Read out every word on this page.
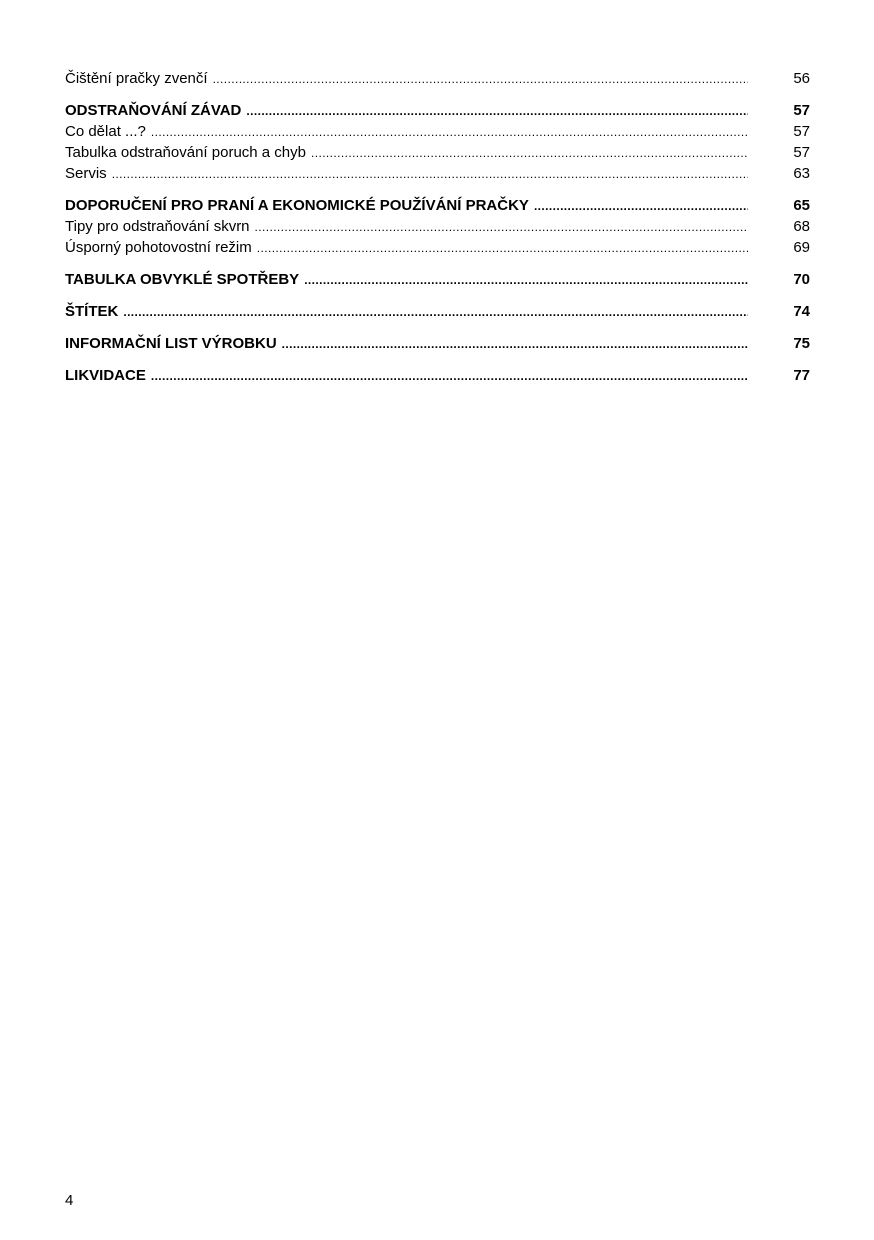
Čištění pračky zvenčí .....	56
ODSTRAŇOVÁNÍ ZÁVAD .....	57
Co dělat ...? .....	57
Tabulka odstraňování poruch a chyb .....	57
Servis .....	63
DOPORUČENÍ PRO PRANÍ A EKONOMICKÉ POUŽÍVÁNÍ PRAČKY .....	65
Tipy pro odstraňování skvrn .....	68
Úsporný pohotovostní režim .....	69
TABULKA OBVYKLÉ SPOTŘEBY .....	70
ŠTÍTEK .....	74
INFORMAČNÍ LIST VÝROBKU .....	75
LIKVIDACE .....	77
4
